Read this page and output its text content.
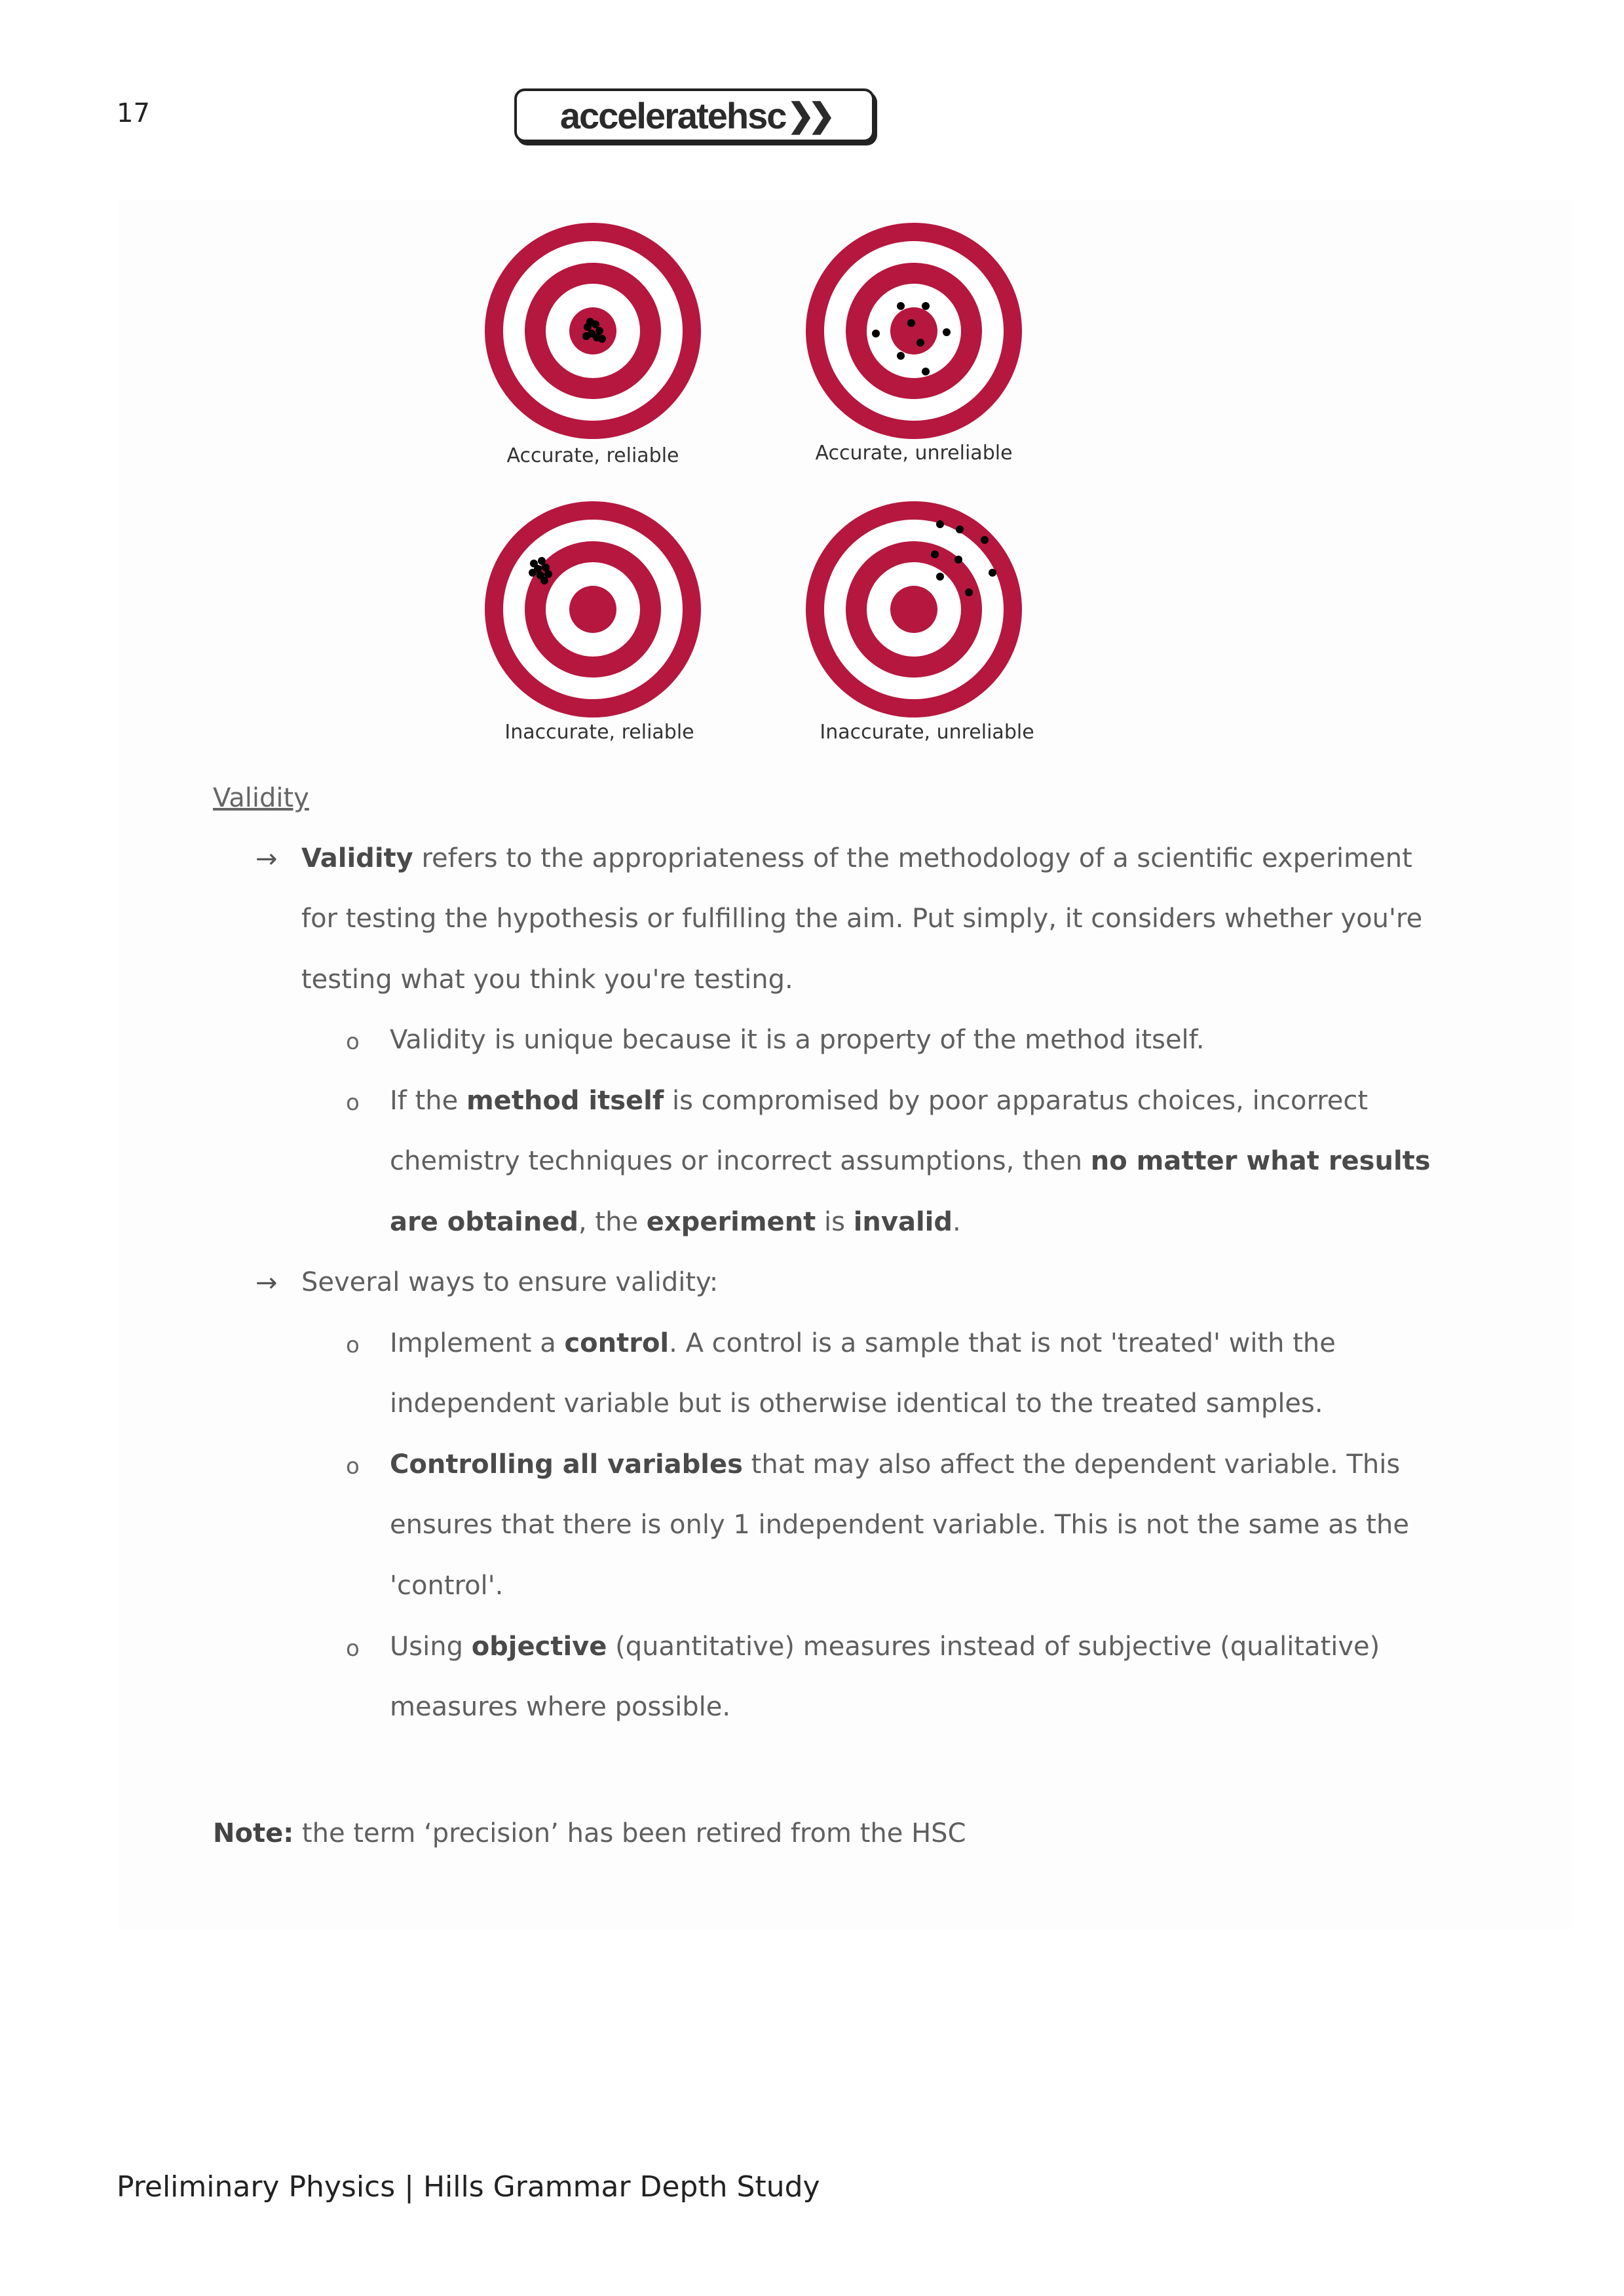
17	acceleratehsc ❯❯
Accurate, reliable	Accurate, unreliable
Inaccurate, reliable	Inaccurate, unreliable
Validity
→ Validity refers to the appropriateness of the methodology of a scientific experiment
for testing the hypothesis or fulfilling the aim. Put simply, it considers whether you're
testing what you think you're testing.
o Validity is unique because it is a property of the method itself.
o If the method itself is compromised by poor apparatus choices, incorrect
chemistry techniques or incorrect assumptions, then no matter what results
are obtained, the experiment is invalid.
→ Several ways to ensure validity:
o Implement a control. A control is a sample that is not 'treated' with the
independent variable but is otherwise identical to the treated samples.
o Controlling all variables that may also affect the dependent variable. This
ensures that there is only 1 independent variable. This is not the same as the
'control'.
o Using objective (quantitative) measures instead of subjective (qualitative)
measures where possible.
Note: the term ‘precision’ has been retired from the HSC
Preliminary Physics | Hills Grammar Depth Study
